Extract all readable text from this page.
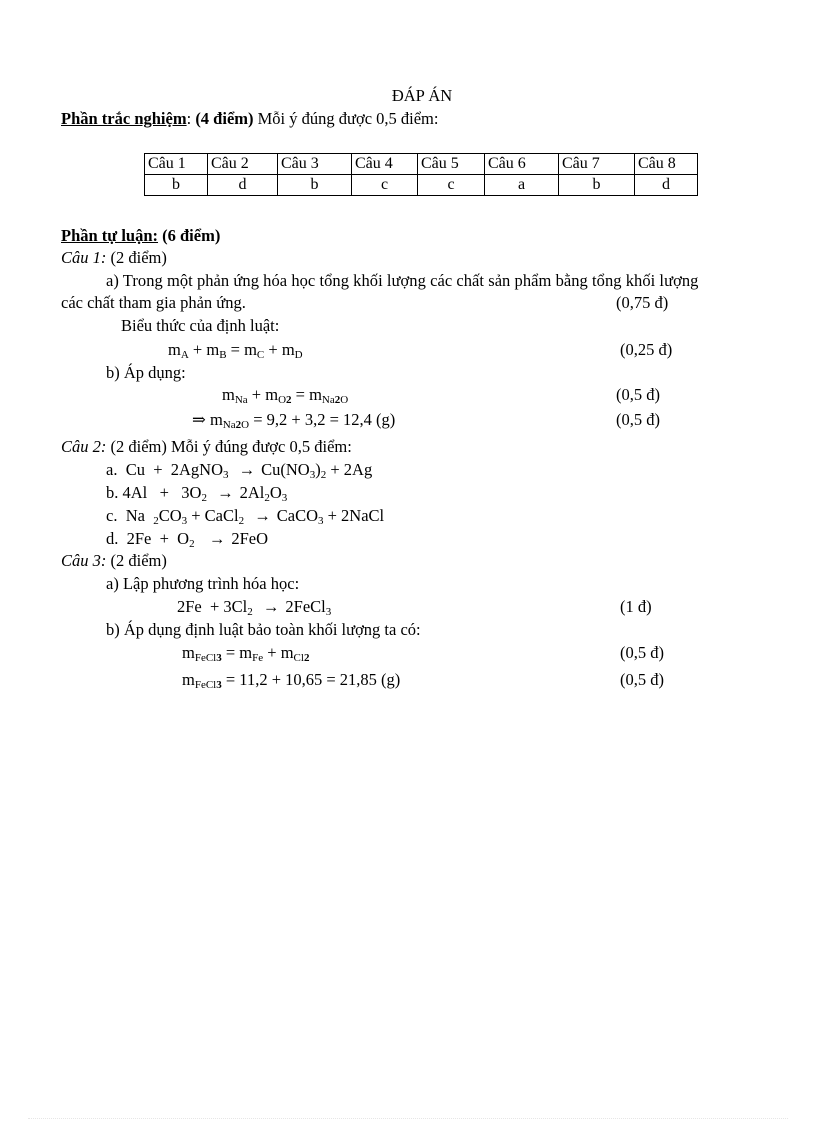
ĐÁP ÁN
Phần trắc nghiệm: (4 điểm) Mỗi ý đúng được 0,5 điểm:
Câu 1	Câu 2	Câu 3	Câu 4	Câu 5	Câu 6	Câu 7	Câu 8
b	d	b	c	c	a	b	d
Phần tự luận: (6 điểm)
Câu 1: (2 điểm)
a) Trong một phản ứng hóa học tổng khối lượng các chất sản phẩm bằng tổng khối lượng
các chất tham gia phản ứng.	(0,75 đ)
Biểu thức của định luật:
$m_A + m_B = m_C + m_D$	(0,25 đ)
b) Áp dụng:
$m_{Na} + m_{O2} = m_{Na2O}$	(0,5 đ)
⇒ $m_{Na2O} = 9,2 + 3,2 = 12,4$ (g)	(0,5 đ)
Câu 2: (2 điểm) Mỗi ý đúng được 0,5 điểm:
a.  Cu  +  2AgNO$_3$ → $Cu(NO_3)_2 + 2Ag$
b. $4Al + 3O_2 \to 2Al_2O_3$
c.  Na  $_2CO_3$ + CaCl$_2$ → CaCO$_3$ + 2NaCl
d.  $2Fe + O_2 \to 2FeO$
Câu 3: (2 điểm)
a) Lập phương trình hóa học:
$2Fe + 3Cl_2$ → 2FeCl$_3$	(1 đ)
b) Áp dụng định luật bảo toàn khối lượng ta có:
$m_{FeCl3} = m_{Fe} + m_{Cl2}$	(0,5 đ)
$m_{FeCl3} = 11,2 + 10,65 = 21,85$ (g)	(0,5 đ)
